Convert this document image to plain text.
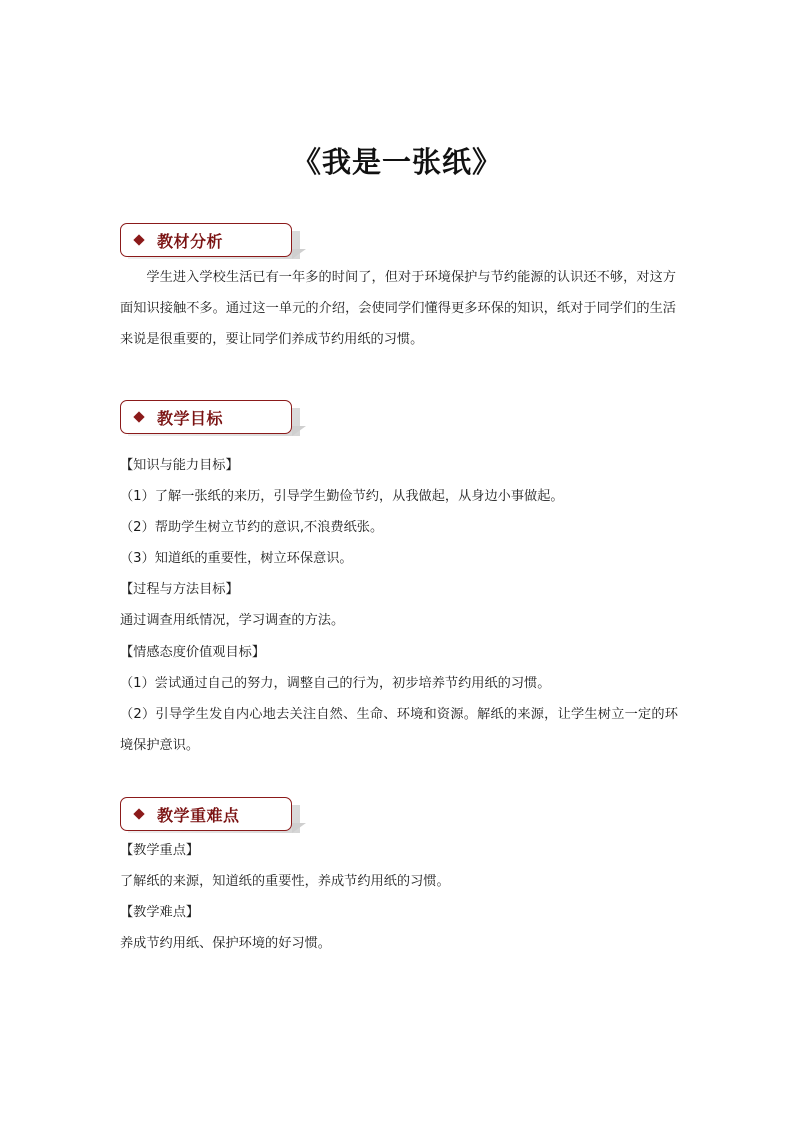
《我是一张纸》
教材分析
学生进入学校生活已有一年多的时间了，但对于环境保护与节约能源的认识还不够，对这方面知识接触不多。通过这一单元的介绍，会使同学们懂得更多环保的知识，纸对于同学们的生活来说是很重要的，要让同学们养成节约用纸的习惯。
教学目标
【知识与能力目标】
（1）了解一张纸的来历，引导学生勤俭节约，从我做起，从身边小事做起。
（2）帮助学生树立节约的意识,不浪费纸张。
（3）知道纸的重要性，树立环保意识。
【过程与方法目标】
通过调查用纸情况，学习调查的方法。
【情感态度价值观目标】
（1）尝试通过自己的努力，调整自己的行为，初步培养节约用纸的习惯。
（2）引导学生发自内心地去关注自然、生命、环境和资源。解纸的来源，让学生树立一定的环境保护意识。
教学重难点
【教学重点】
了解纸的来源，知道纸的重要性，养成节约用纸的习惯。
【教学难点】
养成节约用纸、保护环境的好习惯。
